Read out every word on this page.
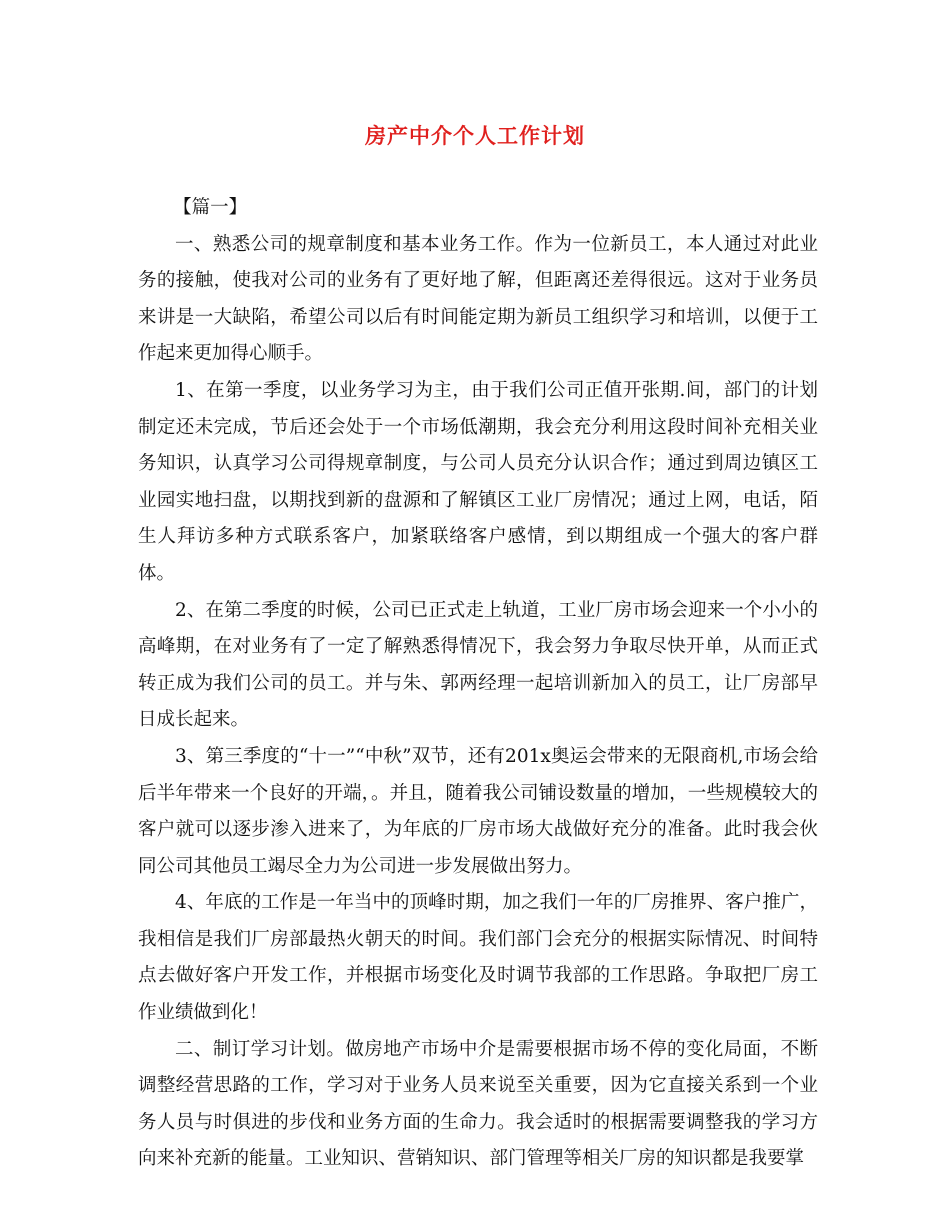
房产中介个人工作计划

【篇一】

一、熟悉公司的规章制度和基本业务工作。作为一位新员工，本人通过对此业务的接触，使我对公司的业务有了更好地了解，但距离还差得很远。这对于业务员来讲是一大缺陷，希望公司以后有时间能定期为新员工组织学习和培训，以便于工作起来更加得心顺手。

1、在第一季度，以业务学习为主，由于我们公司正值开张期.间，部门的计划制定还未完成，节后还会处于一个市场低潮期，我会充分利用这段时间补充相关业务知识，认真学习公司得规章制度，与公司人员充分认识合作；通过到周边镇区工业园实地扫盘，以期找到新的盘源和了解镇区工业厂房情况；通过上网，电话，陌生人拜访多种方式联系客户，加紧联络客户感情，到以期组成一个强大的客户群体。

2、在第二季度的时候，公司已正式走上轨道，工业厂房市场会迎来一个小小的高峰期，在对业务有了一定了解熟悉得情况下，我会努力争取尽快开单，从而正式转正成为我们公司的员工。并与朱、郭两经理一起培训新加入的员工，让厂房部早日成长起来。

3、第三季度的“十一”“中秋”双节，还有201x奥运会带来的无限商机,市场会给后半年带来一个良好的开端，。并且，随着我公司铺设数量的增加，一些规模较大的客户就可以逐步渗入进来了，为年底的厂房市场大战做好充分的准备。此时我会伙同公司其他员工竭尽全力为公司进一步发展做出努力。

4、年底的工作是一年当中的顶峰时期，加之我们一年的厂房推界、客户推广，我相信是我们厂房部最热火朝天的时间。我们部门会充分的根据实际情况、时间特点去做好客户开发工作，并根据市场变化及时调节我部的工作思路。争取把厂房工作业绩做到化！

二、制订学习计划。做房地产市场中介是需要根据市场不停的变化局面，不断调整经营思路的工作，学习对于业务人员来说至关重要，因为它直接关系到一个业务人员与时俱进的步伐和业务方面的生命力。我会适时的根据需要调整我的学习方向来补充新的能量。工业知识、营销知识、部门管理等相关厂房的知识都是我要掌
